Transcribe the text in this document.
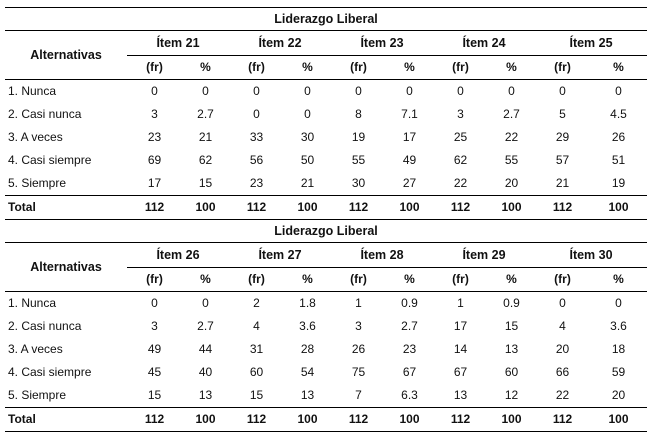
Liderazgo Liberal										
Alternativas	Ítem 21		Ítem 22		Ítem 23		Ítem 24		Ítem 25	
	(fr)	%	(fr)	%	(fr)	%	(fr)	%	(fr)	%
1. Nunca	0	0	0	0	0	0	0	0	0	0
2. Casi nunca	3	2.7	0	0	8	7.1	3	2.7	5	4.5
3. A veces	23	21	33	30	19	17	25	22	29	26
4. Casi siempre	69	62	56	50	55	49	62	55	57	51
5. Siempre	17	15	23	21	30	27	22	20	21	19
Total	112	100	112	100	112	100	112	100	112	100
Liderazgo Liberal										
Alternativas	Ítem 26		Ítem 27		Ítem 28		Ítem 29		Ítem 30	
	(fr)	%	(fr)	%	(fr)	%	(fr)	%	(fr)	%
1. Nunca	0	0	2	1.8	1	0.9	1	0.9	0	0
2. Casi nunca	3	2.7	4	3.6	3	2.7	17	15	4	3.6
3. A veces	49	44	31	28	26	23	14	13	20	18
4. Casi siempre	45	40	60	54	75	67	67	60	66	59
5. Siempre	15	13	15	13	7	6.3	13	12	22	20
Total	112	100	112	100	112	100	112	100	112	100
